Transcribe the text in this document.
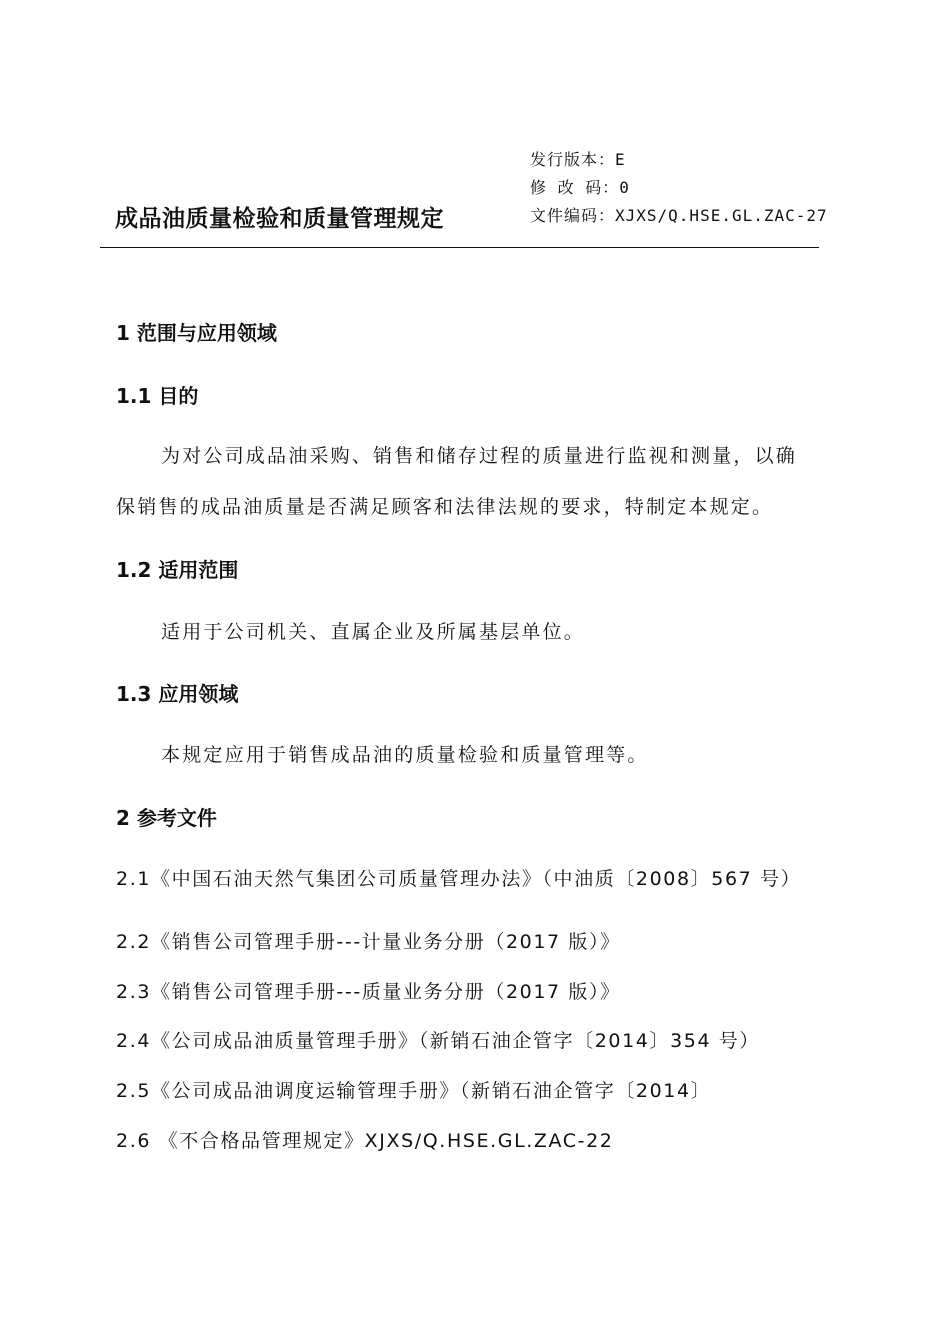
成品油质量检验和质量管理规定
发行版本：E
修 改 码：0
文件编码：XJXS/Q.HSE.GL.ZAC-27
1 范围与应用领域
1.1 目的
为对公司成品油采购、销售和储存过程的质量进行监视和测量，以确
保销售的成品油质量是否满足顾客和法律法规的要求，特制定本规定。
1.2 适用范围
适用于公司机关、直属企业及所属基层单位。
1.3 应用领域
本规定应用于销售成品油的质量检验和质量管理等。
2 参考文件
2.1《中国石油天然气集团公司质量管理办法》（中油质〔2008〕567 号）
2.2《销售公司管理手册---计量业务分册（2017 版）》
2.3《销售公司管理手册---质量业务分册（2017 版）》
2.4《公司成品油质量管理手册》（新销石油企管字〔2014〕354 号）
2.5《公司成品油调度运输管理手册》（新销石油企管字〔2014〕
2.6 《不合格品管理规定》XJXS/Q.HSE.GL.ZAC-22
